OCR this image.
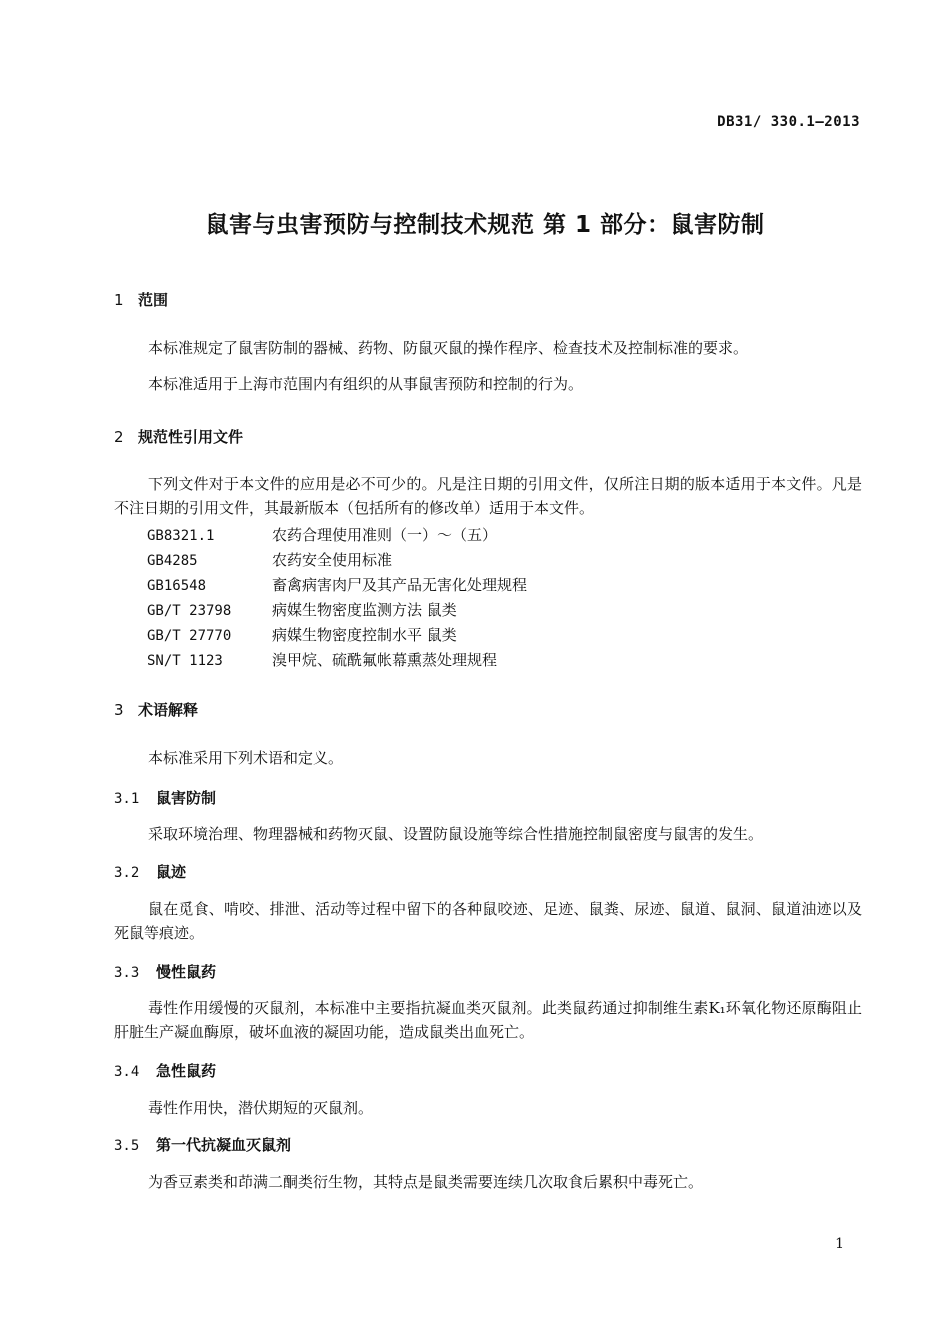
DB31/ 330.1—2013
鼠害与虫害预防与控制技术规范 第 1 部分：鼠害防制
1 范围
本标准规定了鼠害防制的器械、药物、防鼠灭鼠的操作程序、检查技术及控制标准的要求。
本标准适用于上海市范围内有组织的从事鼠害预防和控制的行为。
2 规范性引用文件
下列文件对于本文件的应用是必不可少的。凡是注日期的引用文件，仅所注日期的版本适用于本文件。凡是不注日期的引用文件，其最新版本（包括所有的修改单）适用于本文件。
GB8321.1	农药合理使用准则（一）～（五）
GB4285	农药安全使用标准
GB16548	畜禽病害肉尸及其产品无害化处理规程
GB/T 23798	病媒生物密度监测方法 鼠类
GB/T 27770	病媒生物密度控制水平 鼠类
SN/T 1123	溴甲烷、硫酰氟帐幕熏蒸处理规程
3 术语解释
本标准采用下列术语和定义。
3.1 鼠害防制
采取环境治理、物理器械和药物灭鼠、设置防鼠设施等综合性措施控制鼠密度与鼠害的发生。
3.2 鼠迹
鼠在觅食、啃咬、排泄、活动等过程中留下的各种鼠咬迹、足迹、鼠粪、尿迹、鼠道、鼠洞、鼠道油迹以及死鼠等痕迹。
3.3 慢性鼠药
毒性作用缓慢的灭鼠剂，本标准中主要指抗凝血类灭鼠剂。此类鼠药通过抑制维生素K₁环氧化物还原酶阻止肝脏生产凝血酶原，破坏血液的凝固功能，造成鼠类出血死亡。
3.4 急性鼠药
毒性作用快，潜伏期短的灭鼠剂。
3.5 第一代抗凝血灭鼠剂
为香豆素类和茚满二酮类衍生物，其特点是鼠类需要连续几次取食后累积中毒死亡。
1
